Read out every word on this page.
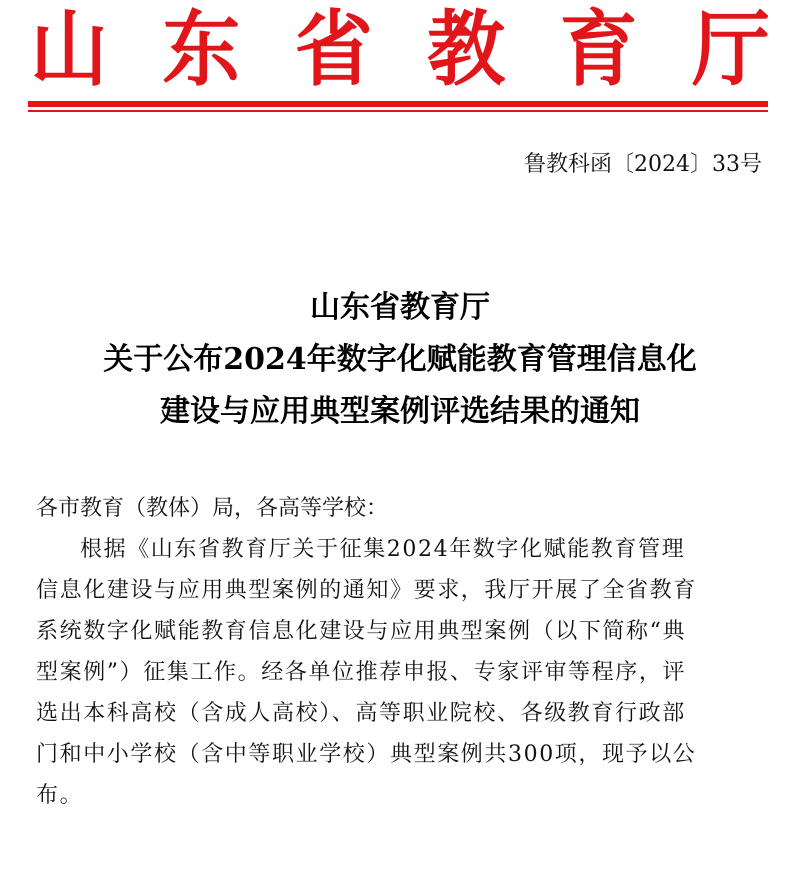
山 东 省 教 育 厅
鲁教科函〔2024〕33号
山东省教育厅
关于公布2024年数字化赋能教育管理信息化
建设与应用典型案例评选结果的通知
各市教育（教体）局，各高等学校：
根据《山东省教育厅关于征集2024年数字化赋能教育管理
信息化建设与应用典型案例的通知》要求，我厅开展了全省教育
系统数字化赋能教育信息化建设与应用典型案例（以下简称“典
型案例”）征集工作。经各单位推荐申报、专家评审等程序，评
选出本科高校（含成人高校）、高等职业院校、各级教育行政部
门和中小学校（含中等职业学校）典型案例共300项，现予以公
布。
